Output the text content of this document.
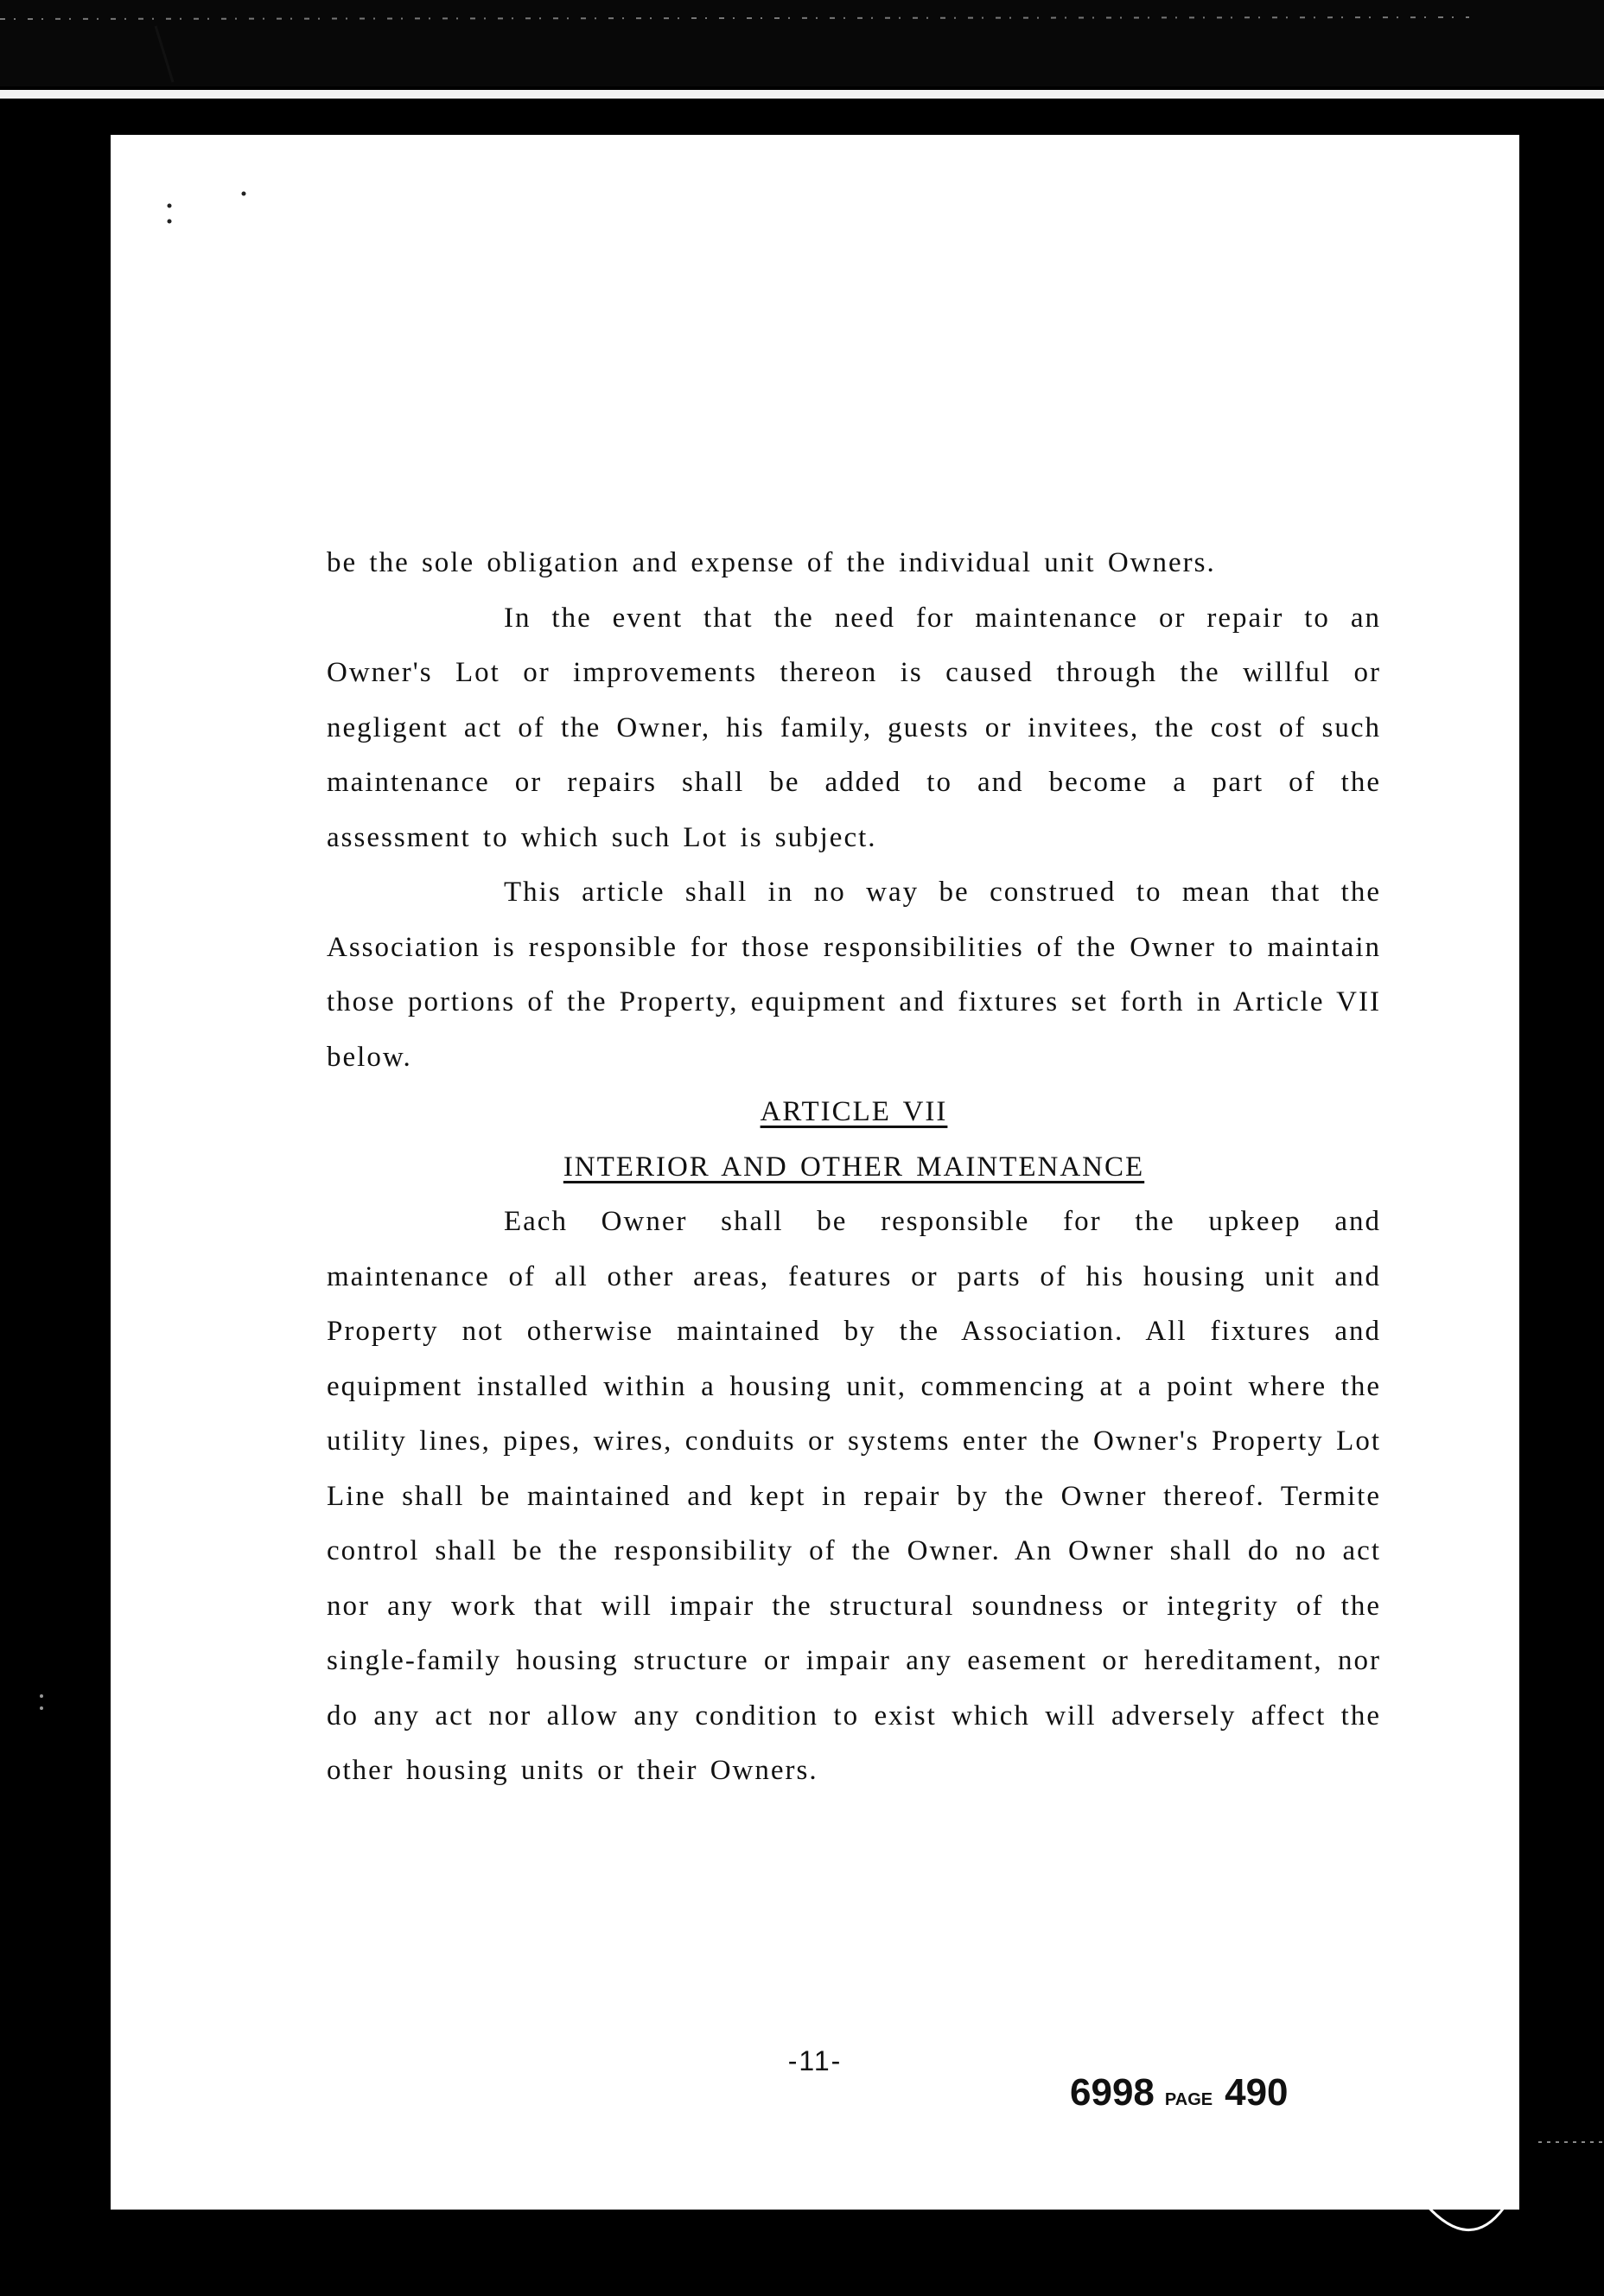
be the sole obligation and expense of the individual unit Owners.

In the event that the need for maintenance or repair to an Owner's Lot or improvements thereon is caused through the willful or negligent act of the Owner, his family, guests or invitees, the cost of such maintenance or repairs shall be added to and become a part of the assessment to which such Lot is subject.

This article shall in no way be construed to mean that the Association is responsible for those responsibilities of the Owner to maintain those portions of the Property, equipment and fixtures set forth in Article VII below.

ARTICLE VII
INTERIOR AND OTHER MAINTENANCE

Each Owner shall be responsible for the upkeep and maintenance of all other areas, features or parts of his housing unit and Property not otherwise maintained by the Association. All fixtures and equipment installed within a housing unit, commencing at a point where the utility lines, pipes, wires, conduits or systems enter the Owner's Property Lot Line shall be maintained and kept in repair by the Owner thereof. Termite control shall be the responsibility of the Owner. An Owner shall do no act nor any work that will impair the structural soundness or integrity of the single-family housing structure or impair any easement or hereditament, nor do any act nor allow any condition to exist which will adversely affect the other housing units or their Owners.

-11-
6998 PAGE 490
